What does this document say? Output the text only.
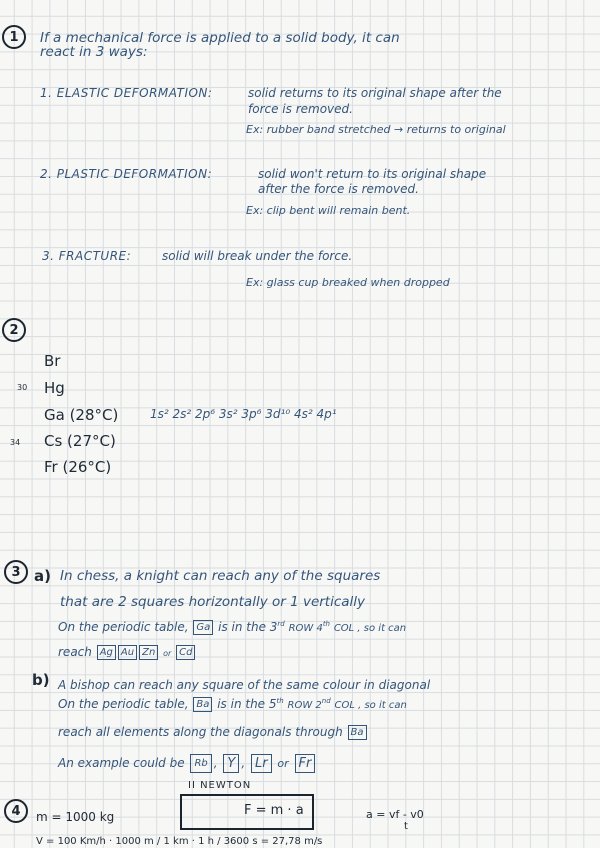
1 If a mechanical force is applied to a solid body, it can
react in 3 ways:
1. ELASTIC DEFORMATION:	solid returns to its original shape after the
force is removed.
Ex: rubber band stretched → returns to original
2. PLASTIC DEFORMATION:	solid won't return to its original shape
after the force is removed.
Ex: clip bent will remain bent.
3. FRACTURE:	solid will break under the force.
Ex: glass cup breaked when dropped
2
Br
30 Hg
Ga (28°C)	1s² 2s² 2p⁶ 3s² 3p⁶ 3d¹⁰ 4s² 4p¹
34 Cs (27°C)
Fr (26°C)
3 a) In chess, a knight can reach any of the squares
that are 2 squares horizontally or 1 vertically
On the periodic table, Ga is in the 3rd ROW 4th COL , so it can
reach Ag Au Zn or Cd
b) A bishop can reach any square of the same colour in diagonal
On the periodic table, Ba is in the 5th ROW 2nd COL , so it can
reach all elements along the diagonals through Ba
An example could be Rb , Y , Lr or Fr
4
II NEWTON
F = m · a
m = 1000 kg	a = vf - v0
t
V = 100 Km/h · 1000 m / 1 km · 1 h / 3600 s = 27,78 m/s
